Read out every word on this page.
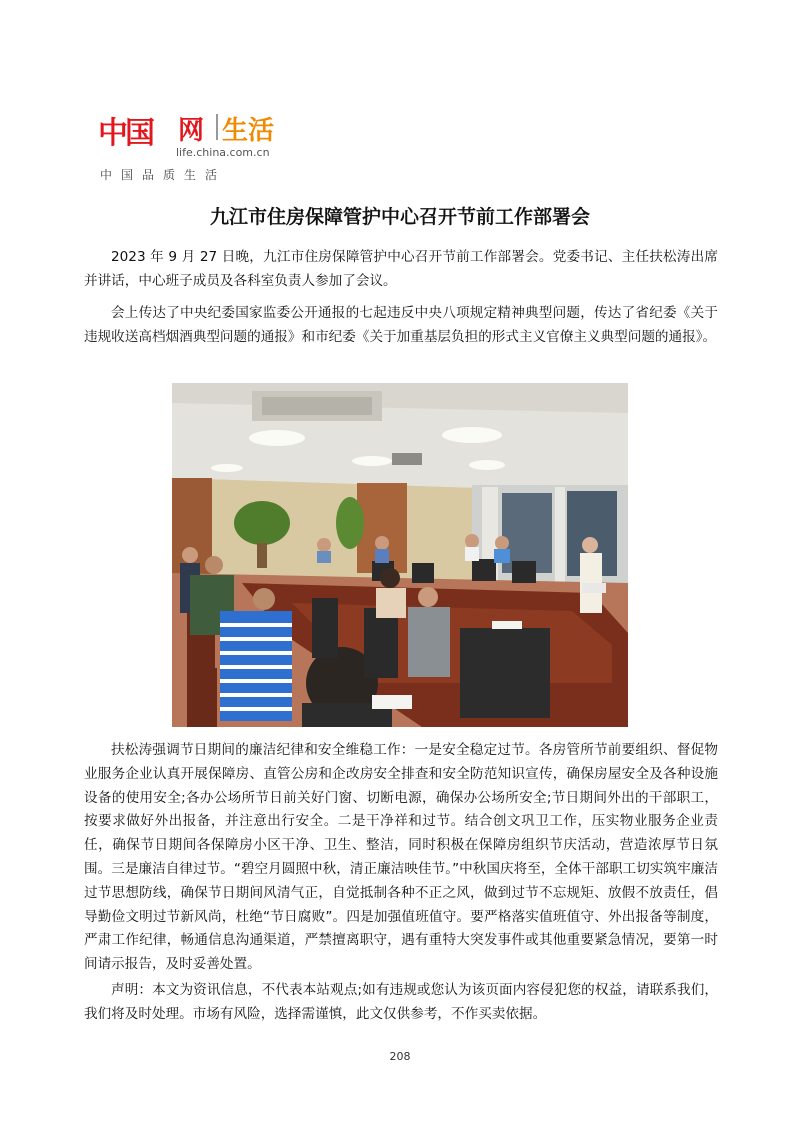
中国 网 生活
life.china.com.cn
中国品质生活
九江市住房保障管护中心召开节前工作部署会

2023 年 9 月 27 日晚，九江市住房保障管护中心召开节前工作部署会。党委书记、主任扶松涛出席并讲话，中心班子成员及各科室负责人参加了会议。

会上传达了中央纪委国家监委公开通报的七起违反中央八项规定精神典型问题，传达了省纪委《关于违规收送高档烟酒典型问题的通报》和市纪委《关于加重基层负担的形式主义官僚主义典型问题的通报》。

扶松涛强调节日期间的廉洁纪律和安全维稳工作：一是安全稳定过节。各房管所节前要组织、督促物业服务企业认真开展保障房、直管公房和企改房安全排查和安全防范知识宣传，确保房屋安全及各种设施设备的使用安全;各办公场所节日前关好门窗、切断电源，确保办公场所安全;节日期间外出的干部职工，按要求做好外出报备，并注意出行安全。二是干净祥和过节。结合创文巩卫工作，压实物业服务企业责任，确保节日期间各保障房小区干净、卫生、整洁，同时积极在保障房组织节庆活动，营造浓厚节日氛围。三是廉洁自律过节。“碧空月圆照中秋，清正廉洁映佳节。”中秋国庆将至，全体干部职工切实筑牢廉洁过节思想防线，确保节日期间风清气正，自觉抵制各种不正之风，做到过节不忘规矩、放假不放责任，倡导勤俭文明过节新风尚，杜绝“节日腐败”。四是加强值班值守。要严格落实值班值守、外出报备等制度，严肃工作纪律，畅通信息沟通渠道，严禁擅离职守，遇有重特大突发事件或其他重要紧急情况，要第一时间请示报告，及时妥善处置。

声明：本文为资讯信息，不代表本站观点;如有违规或您认为该页面内容侵犯您的权益，请联系我们，我们将及时处理。市场有风险，选择需谨慎，此文仅供参考，不作买卖依据。

208
